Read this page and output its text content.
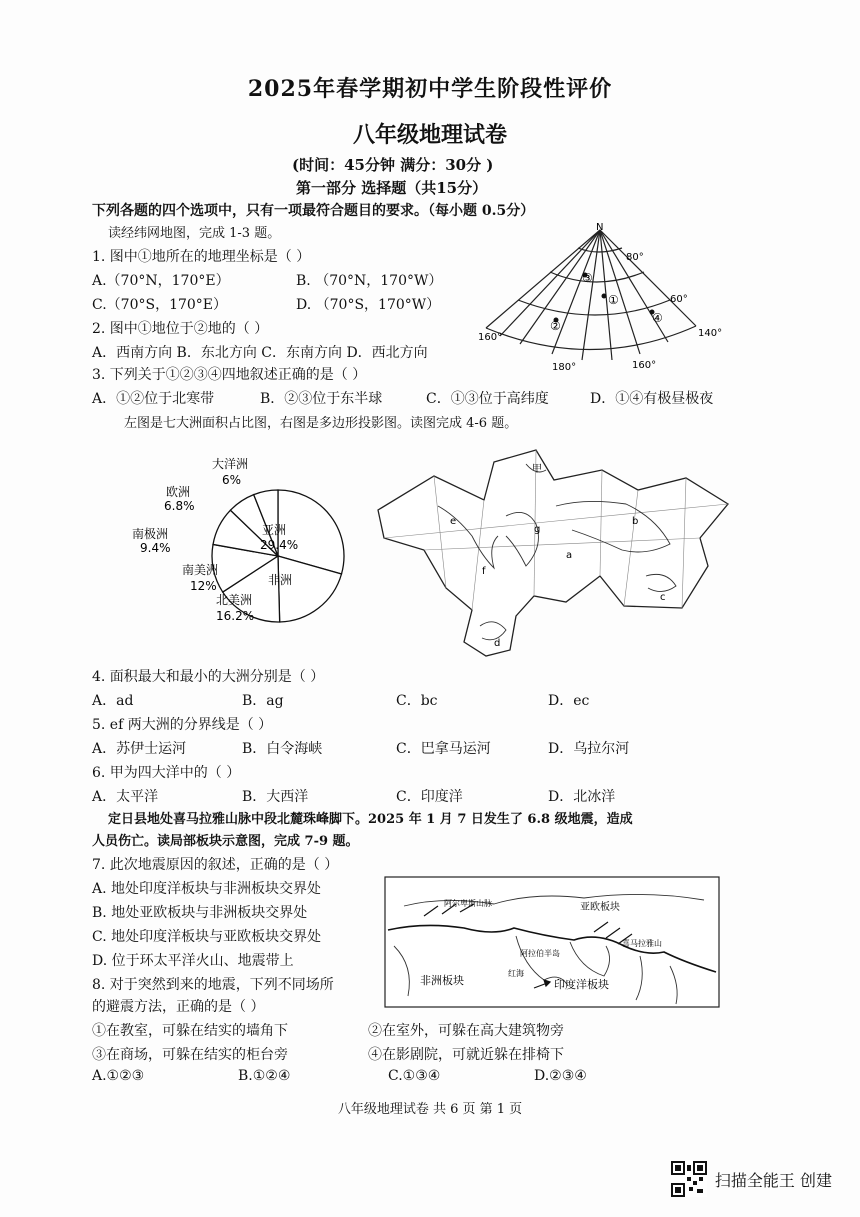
2025年春学期初中学生阶段性评价
八年级地理试卷
(时间：45分钟 满分：30分 )
第一部分 选择题（共15分）
下列各题的四个选项中，只有一项最符合题目的要求。（每小题 0.5分）
读经纬网地图，完成 1-3 题。
1. 图中①地所在的地理坐标是（ ）
A.（70°N，170°E）	B. （70°N，170°W）
C.（70°S，170°E）	D. （70°S，170°W）
2. 图中①地位于②地的（ ）
A．西南方向 B．东北方向 C．东南方向 D．西北方向
3. 下列关于①②③④四地叙述正确的是（ ）
A．①②位于北寒带	B．②③位于东半球	C．①③位于高纬度	D．①④有极昼极夜
N
80°
60°
160°	140°
180°	160°
③
①
②
④
左图是七大洲面积占比图，右图是多边形投影图。读图完成 4-6 题。
大洋洲
6%
欧洲
6.8%
南极洲
9.4%
亚洲
29.4%
非洲
北美洲
16.2%
南美洲
12%
甲
a
b
c
d
e
f
g
4. 面积最大和最小的大洲分别是（ ）
A．ad	B．ag	C．bc	D．ec
5. ef 两大洲的分界线是（ ）
A．苏伊士运河	B．白令海峡	C．巴拿马运河	D．乌拉尔河
6. 甲为四大洋中的（ ）
A．太平洋	B．大西洋	C．印度洋	D．北冰洋
定日县地处喜马拉雅山脉中段北麓珠峰脚下。2025 年 1 月 7 日发生了 6.8 级地震，造成
人员伤亡。读局部板块示意图，完成 7-9 题。
7. 此次地震原因的叙述，正确的是（ ）
A. 地处印度洋板块与非洲板块交界处
B. 地处亚欧板块与非洲板块交界处
C. 地处印度洋板块与亚欧板块交界处
D. 位于环太平洋火山、地震带上
阿尔卑斯山脉	亚欧板块
喜马拉雅山
非洲板块	印度洋板块
红海
阿拉伯半岛
8. 对于突然到来的地震，下列不同场所
的避震方法，正确的是（ ）
①在教室，可躲在结实的墙角下	②在室外，可躲在高大建筑物旁
③在商场，可躲在结实的柜台旁	④在影剧院，可就近躲在排椅下
A.①②③	B.①②④	C.①③④	D.②③④
八年级地理试卷 共 6 页 第 1 页
扫描全能王 创建
